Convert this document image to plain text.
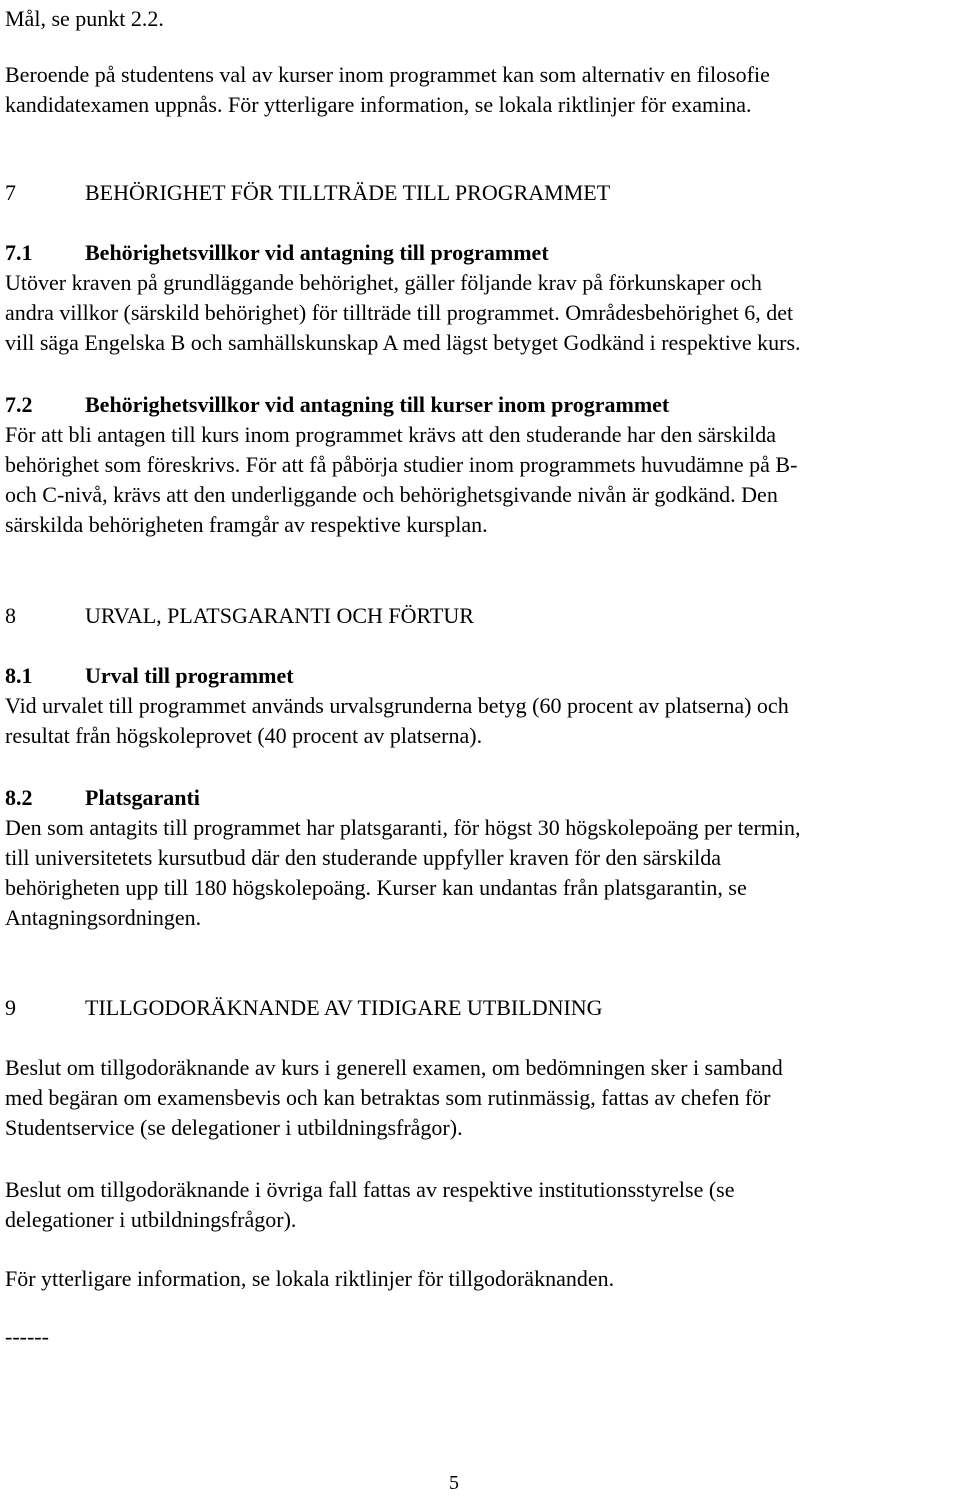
Mål, se punkt 2.2.
Beroende på studentens val av kurser inom programmet kan som alternativ en filosofie
kandidatexamen uppnås. För ytterligare information, se lokala riktlinjer för examina.
7	BEHÖRIGHET FÖR TILLTRÄDE TILL PROGRAMMET
7.1 Behörighetsvillkor vid antagning till programmet
Utöver kraven på grundläggande behörighet, gäller följande krav på förkunskaper och
andra villkor (särskild behörighet) för tillträde till programmet. Områdesbehörighet 6, det
vill säga Engelska B och samhällskunskap A med lägst betyget Godkänd i respektive kurs.
7.2 Behörighetsvillkor vid antagning till kurser inom programmet
För att bli antagen till kurs inom programmet krävs att den studerande har den särskilda
behörighet som föreskrivs. För att få påbörja studier inom programmets huvudämne på B-
och C-nivå, krävs att den underliggande och behörighetsgivande nivån är godkänd. Den
särskilda behörigheten framgår av respektive kursplan.
8	URVAL, PLATSGARANTI OCH FÖRTUR
8.1 Urval till programmet
Vid urvalet till programmet används urvalsgrunderna betyg (60 procent av platserna) och
resultat från högskoleprovet (40 procent av platserna).
8.2 Platsgaranti
Den som antagits till programmet har platsgaranti, för högst 30 högskolepoäng per termin,
till universitetets kursutbud där den studerande uppfyller kraven för den särskilda
behörigheten upp till 180 högskolepoäng. Kurser kan undantas från platsgarantin, se
Antagningsordningen.
9	TILLGODORÄKNANDE AV TIDIGARE UTBILDNING
Beslut om tillgodoräknande av kurs i generell examen, om bedömningen sker i samband
med begäran om examensbevis och kan betraktas som rutinmässig, fattas av chefen för
Studentservice (se delegationer i utbildningsfrågor).
Beslut om tillgodoräknande i övriga fall fattas av respektive institutionsstyrelse (se
delegationer i utbildningsfrågor).
För ytterligare information, se lokala riktlinjer för tillgodoräknanden.
------
5
